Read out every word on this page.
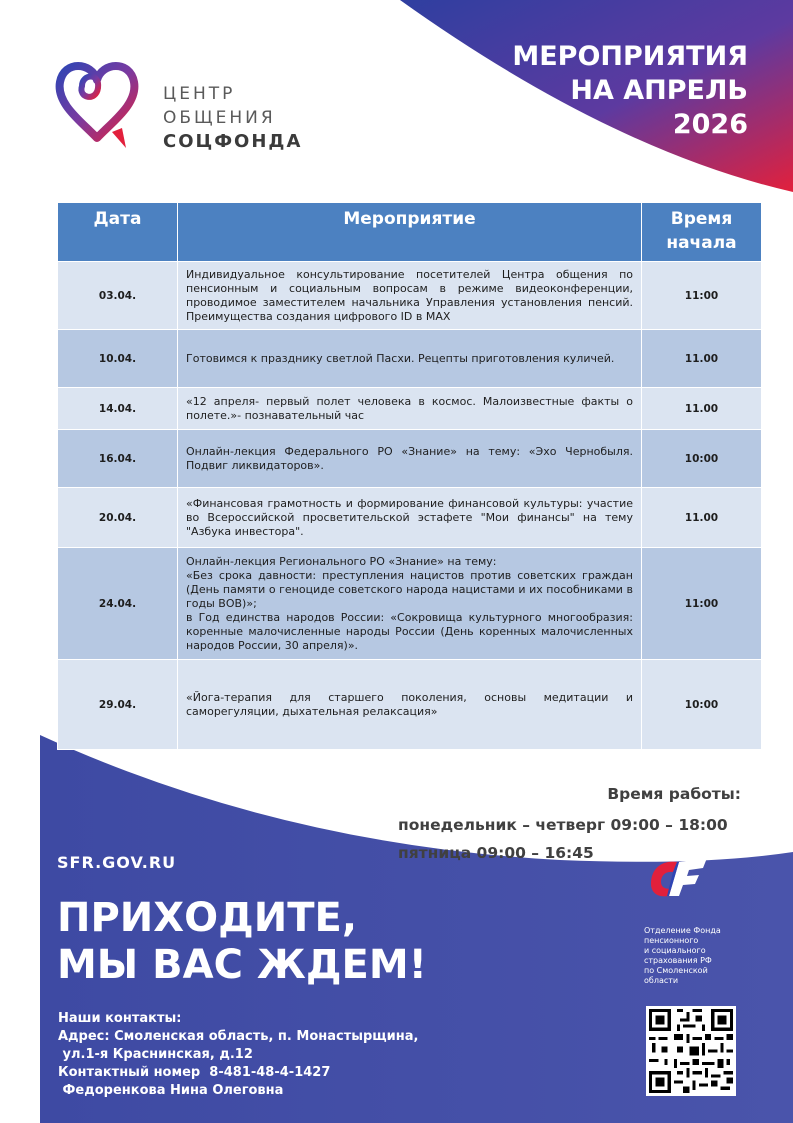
ЦЕНТР
ОБЩЕНИЯ
СОЦФОНДА
МЕРОПРИЯТИЯ
НА АПРЕЛЬ
2026
Дата	Мероприятие	Время
начала

03.04.	Индивидуальное консультирование посетителей Центра общения по пенсионным и социальным вопросам в режиме видеоконференции, проводимое заместителем начальника Управления установления пенсий. Преимущества создания цифрового ID в MAX	11:00
10.04.	Готовимся к празднику светлой Пасхи. Рецепты приготовления куличей.	11.00
14.04.	«12 апреля- первый полет человека в космос. Малоизвестные факты о полете.»- познавательный час	11.00
16.04.	Онлайн-лекция Федерального РО «Знание» на тему: «Эхо Чернобыля. Подвиг ликвидаторов».	10:00
20.04.	«Финансовая грамотность и формирование финансовой культуры: участие во Всероссийской просветительской эстафете "Мои финансы" на тему "Азбука инвестора".	11.00
24.04.	Онлайн-лекция Регионального РО «Знание» на тему:
«Без срока давности: преступления нацистов против советских граждан (День памяти о геноциде советского народа нацистами и их пособниками в годы ВОВ)»;
в Год единства народов России: «Сокровища культурного многообразия: коренные малочисленные народы России (День коренных малочисленных народов России, 30 апреля)».	11:00
29.04.	«Йога-терапия для старшего поколения, основы медитации и саморегуляции, дыхательная релаксация»	10:00
Время работы:
понедельник – четверг 09:00 – 18:00
пятница 09:00 – 16:45
SFR.GOV.RU
ПРИХОДИТЕ,
МЫ ВАС ЖДЕМ!
Наши контакты:
Адрес: Смоленская область, п. Монастырщина,
ул.1-я Краснинская, д.12
Контактный номер  8-481-48-4-1427
Федоренкова Нина Олеговна
Отделение Фонда
пенсионного
и социального
страхования РФ
по Смоленской
области
